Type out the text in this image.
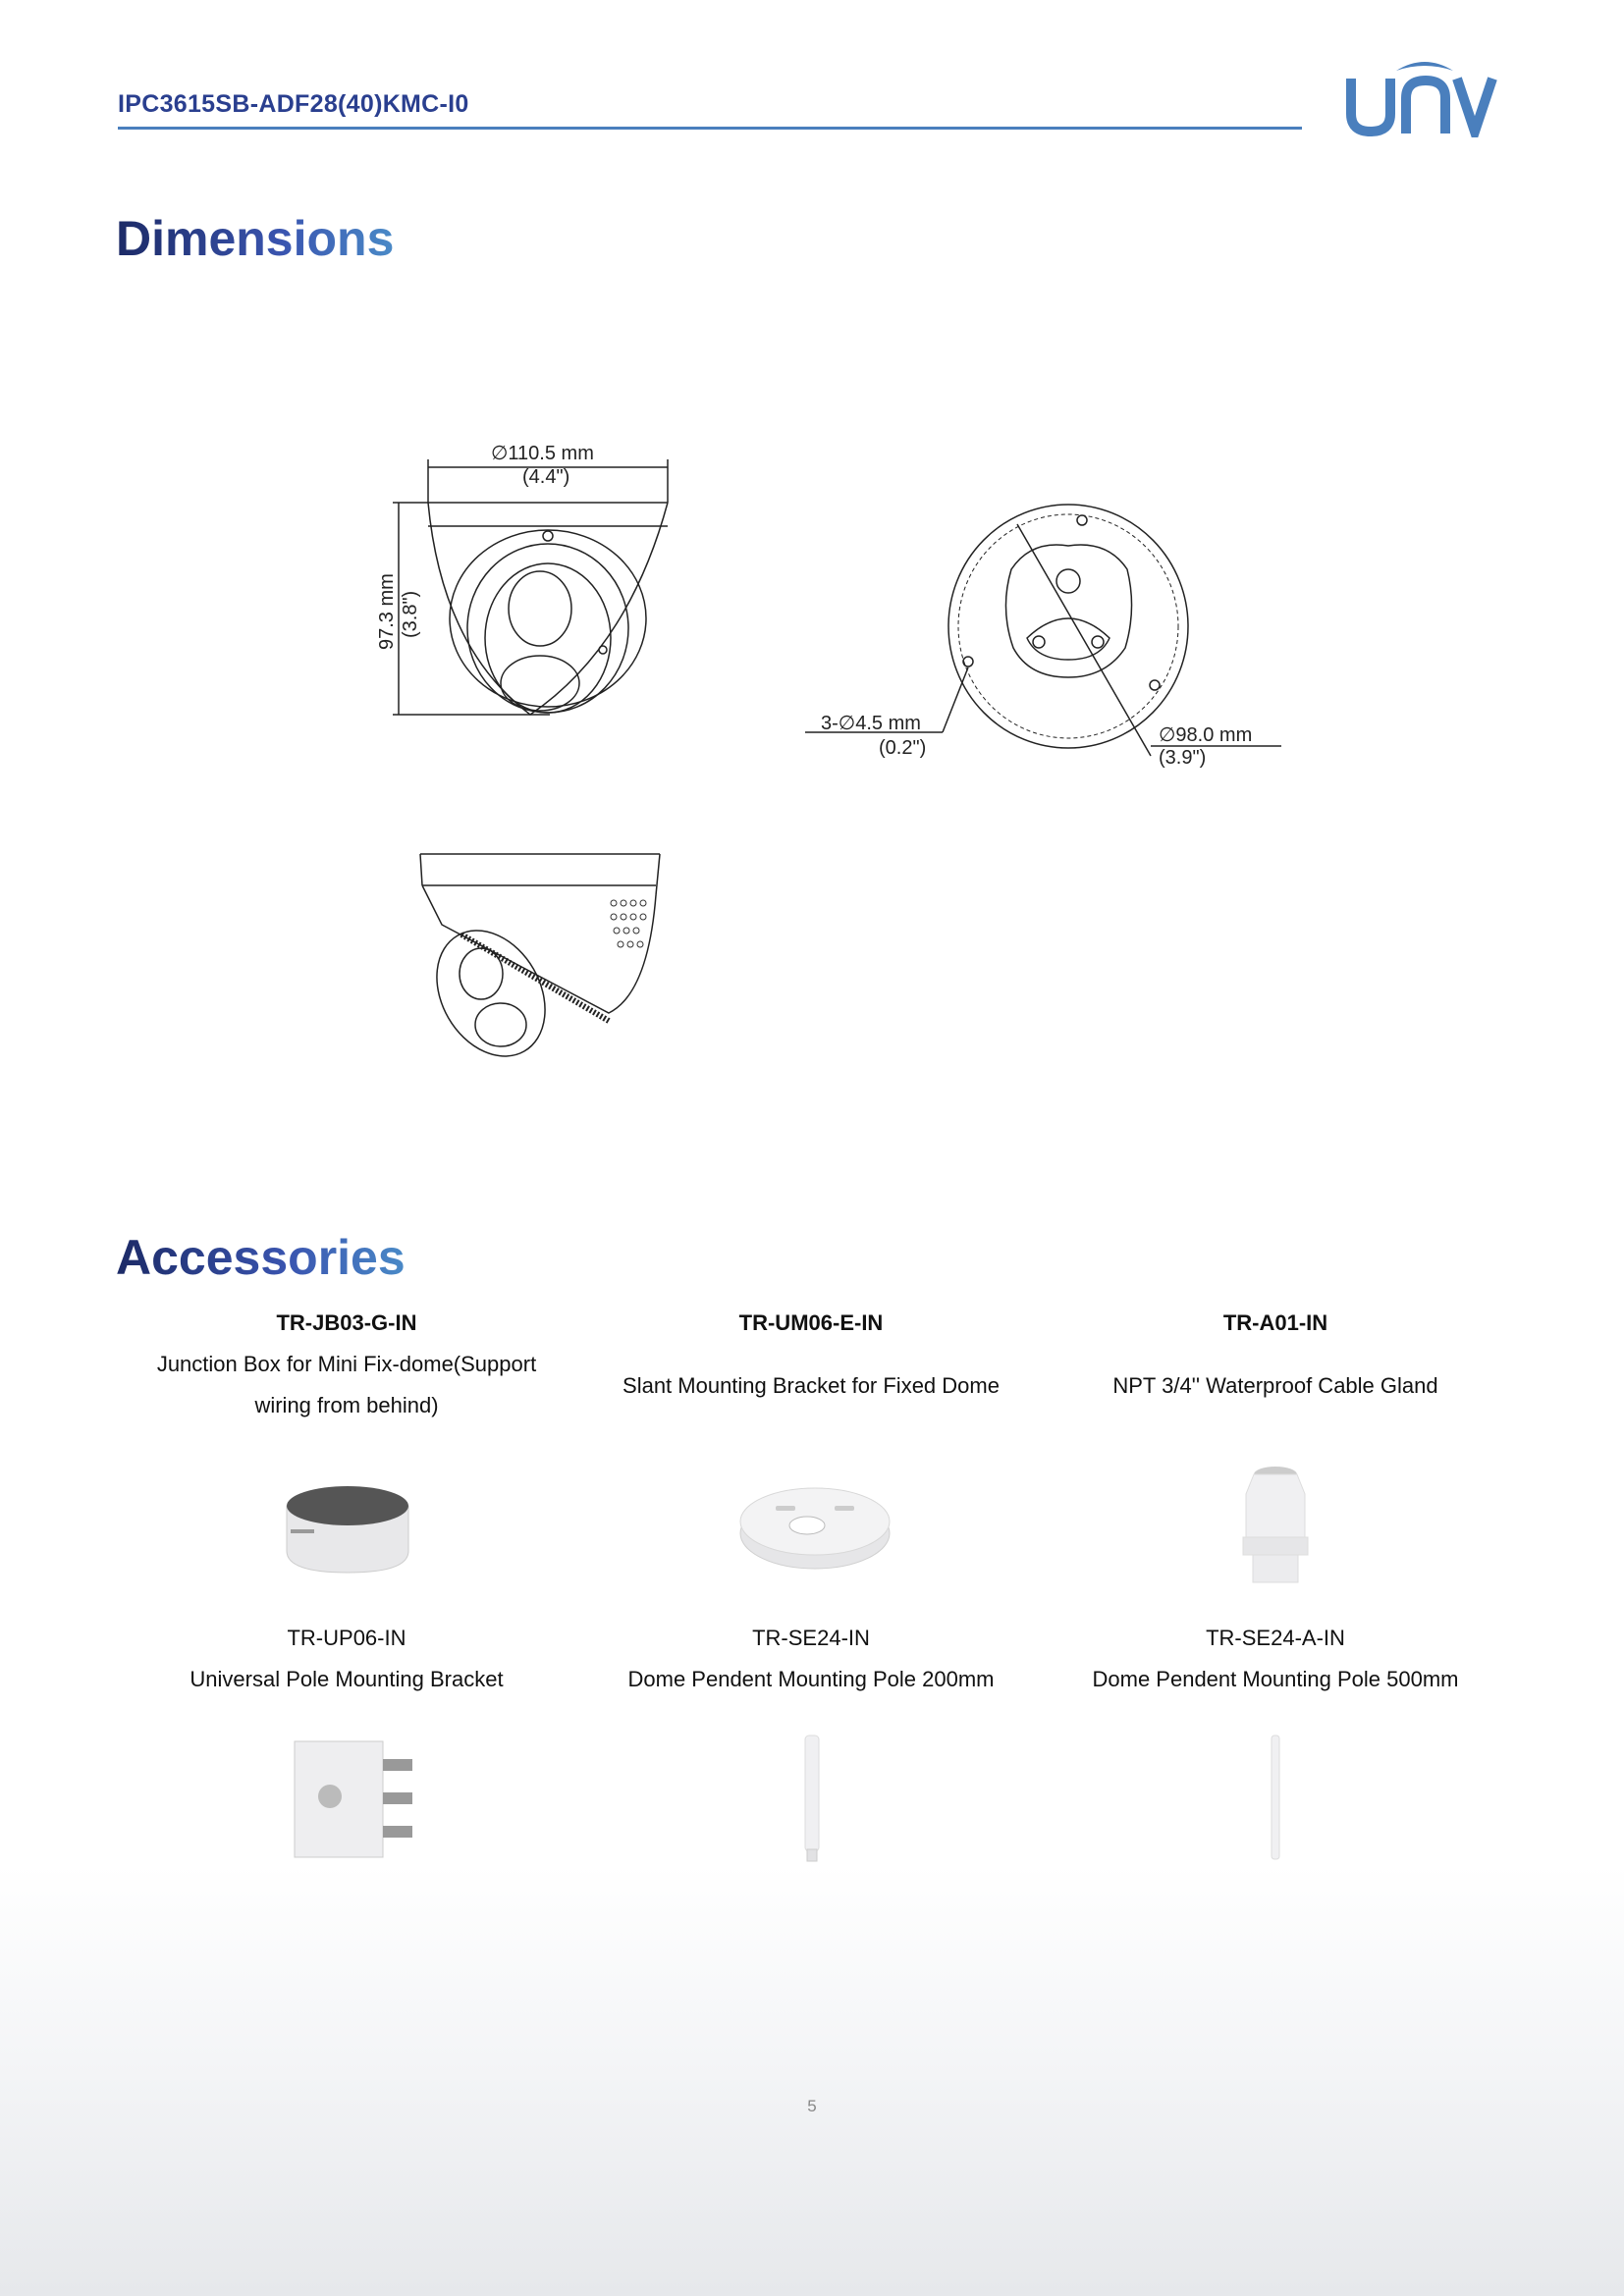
IPC3615SB-ADF28(40)KMC-I0
Dimensions
∅110.5 mm
(4.4")
97.3 mm (3.8")
3-∅4.5 mm
(0.2")
∅98.0 mm
(3.9")
Accessories
TR-JB03-G-IN
Junction Box for Mini Fix-dome(Support
wiring from behind)
TR-UM06-E-IN
Slant Mounting Bracket for Fixed Dome
TR-A01-IN
NPT 3/4'' Waterproof Cable Gland
TR-UP06-IN
Universal Pole Mounting Bracket
TR-SE24-IN
Dome Pendent Mounting Pole 200mm
TR-SE24-A-IN
Dome Pendent Mounting Pole 500mm
5
